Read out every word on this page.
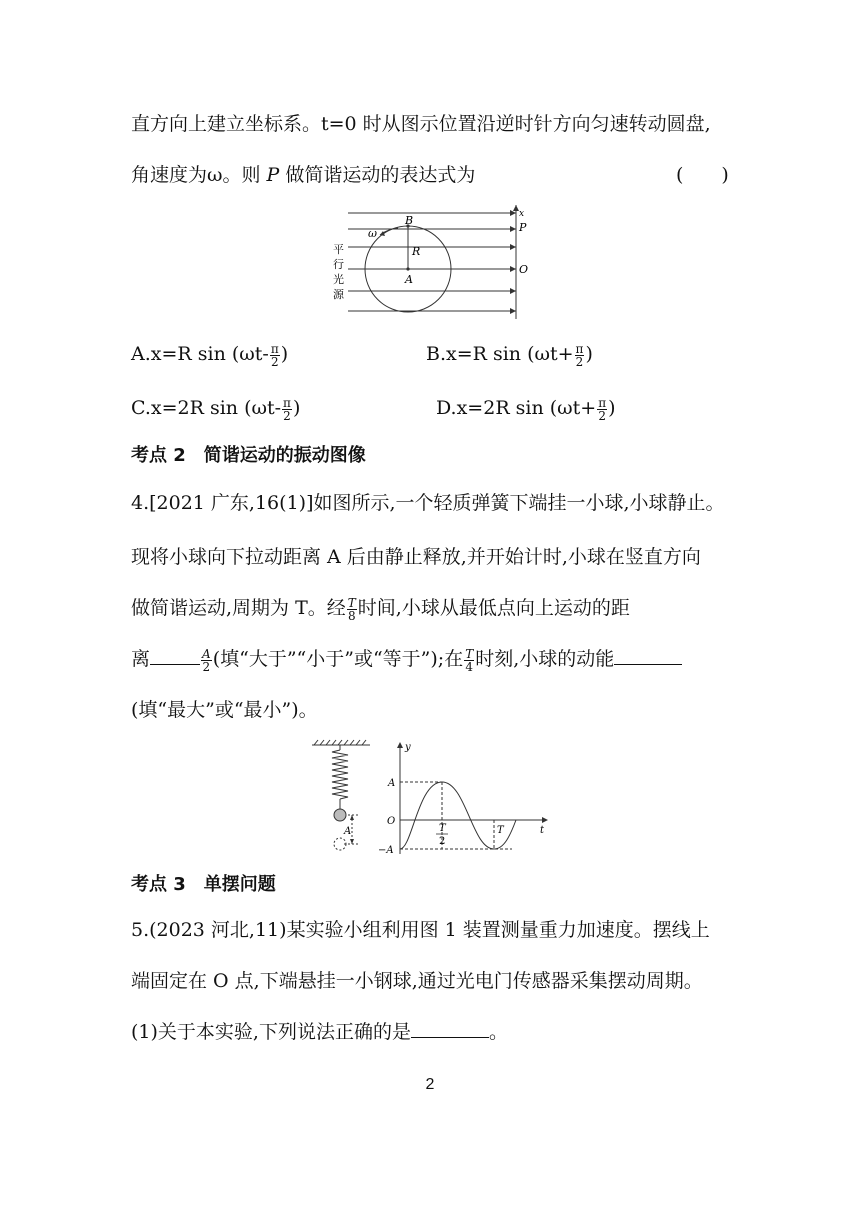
直方向上建立坐标系。t=0 时从图示位置沿逆时针方向匀速转动圆盘,
角速度为ω。则 P 做简谐运动的表达式为	(　　)
ω
B
R
A
平
行
光
源
x
P
O
A.x=R $\sin (\omega t- \frac{\pi}{2}$ )	B.x=R $\sin (\omega t+ \frac{\pi}{2}$ )
C.x=2R $\sin (\omega t- \frac{\pi}{2}$ )	D.x=2R $\sin (\omega t+ \frac{\pi}{2}$ )
考点 2　简谐运动的振动图像
4.[2021 广东,16(1)]如图所示,一个轻质弹簧下端挂一小球,小球静止。
现将小球向下拉动距离 A 后由静止释放,并开始计时,小球在竖直方向
做简谐运动,周期为 T。经 $\frac{T}{8}$ 时间,小球从最低点向上运动的距
离	$\frac{A}{2}$ (填“大于”“小于”或“等于”);在 $\frac{T}{4}$ 时刻,小球的动能
(填“最大”或“最小”)。
A
y
A
O
−A
T
2
T	t
考点 3　单摆问题
5.(2023 河北,11)某实验小组利用图 1 装置测量重力加速度。摆线上
端固定在 O 点,下端悬挂一小钢球,通过光电门传感器采集摆动周期。
(1)关于本实验,下列说法正确的是	。
2
